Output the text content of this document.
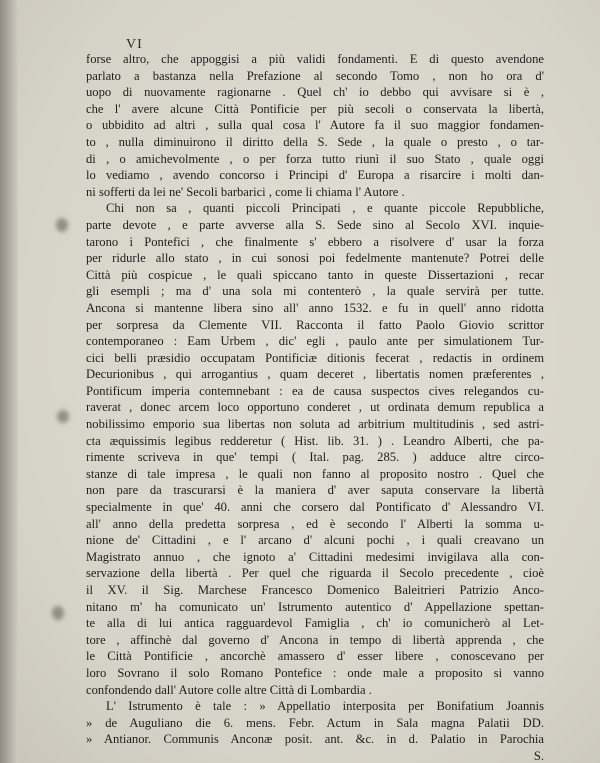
VI
forse altro, che appoggisi a più validi fondamenti. E di questo avendone
parlato a bastanza nella Prefazione al secondo Tomo , non ho ora d'
uopo di nuovamente ragionarne . Quel ch' io debbo qui avvisare si è ,
che l' avere alcune Città Pontificie per più secoli o conservata la libertà,
o ubbidito ad altri , sulla qual cosa l' Autore fa il suo maggior fondamen-
to , nulla diminuirono il diritto della S. Sede , la quale o presto , o tar-
di , o amichevolmente , o per forza tutto riunì il suo Stato , quale oggi
lo vediamo , avendo concorso i Principi d' Europa a risarcire i molti dan-
ni sofferti da lei ne' Secoli barbarici , come li chiama l' Autore .
Chi non sa , quanti piccoli Principati , e quante piccole Repubbliche,
parte devote , e parte avverse alla S. Sede sino al Secolo XVI. inquie-
tarono i Pontefici , che finalmente s' ebbero a risolvere d' usar la forza
per ridurle allo stato , in cui sonosi poi fedelmente mantenute? Potrei delle
Città più cospicue , le quali spiccano tanto in queste Dissertazioni , recar
gli esempli ; ma d' una sola mi contenterò , la quale servirà per tutte.
Ancona si mantenne libera sino all' anno 1532. e fu in quell' anno ridotta
per sorpresa da Clemente VII. Racconta il fatto Paolo Giovio scrittor
contemporaneo : Eam Urbem , dic' egli , paulo ante per simulationem Tur-
cici belli præsidio occupatam Pontificiæ ditionis fecerat , redactis in ordinem
Decurionibus , qui arrogantius , quam deceret , libertatis nomen præferentes ,
Pontificum imperia contemnebant : ea de causa suspectos cives relegandos cu-
raverat , donec arcem loco opportuno conderet , ut ordinata demum republica a
nobilissimo emporio sua libertas non soluta ad arbitrium multitudinis , sed astri-
cta æquissimis legibus redderetur ( Hist. lib. 31. ) . Leandro Alberti, che pa-
rimente scriveva in que' tempi ( Ital. pag. 285. ) adduce altre circo-
stanze di tale impresa , le quali non fanno al proposito nostro . Quel che
non pare da trascurarsi è la maniera d' aver saputa conservare la libertà
specialmente in que' 40. anni che corsero dal Pontificato d' Alessandro VI.
all' anno della predetta sorpresa , ed è secondo l' Alberti la somma u-
nione de' Cittadini , e l' arcano d' alcuni pochi , i quali creavano un
Magistrato annuo , che ignoto a' Cittadini medesimi invigilava alla con-
servazione della libertà . Per quel che riguarda il Secolo precedente , cioè
il XV. il Sig. Marchese Francesco Domenico Baleitrieri Patrizio Anco-
nitano m' ha comunicato un' Istrumento autentico d' Appellazione spettan-
te alla di lui antica ragguardevol Famiglia , ch' io comunicherò al Let-
tore , affinchè dal governo d' Ancona in tempo di libertà apprenda , che
le Città Pontificie , ancorchè amassero d' esser libere , conoscevano per
loro Sovrano il solo Romano Pontefice : onde male a proposito si vanno
confondendo dall' Autore colle altre Città di Lombardia .
L' Istrumento è tale : » Appellatio interposita per Bonifatium Joannis
» de Auguliano die 6. mens. Febr. Actum in Sala magna Palatii DD.
» Antianor. Communis Anconæ posit. ant. &c. in d. Palatio in Parochia
S.
